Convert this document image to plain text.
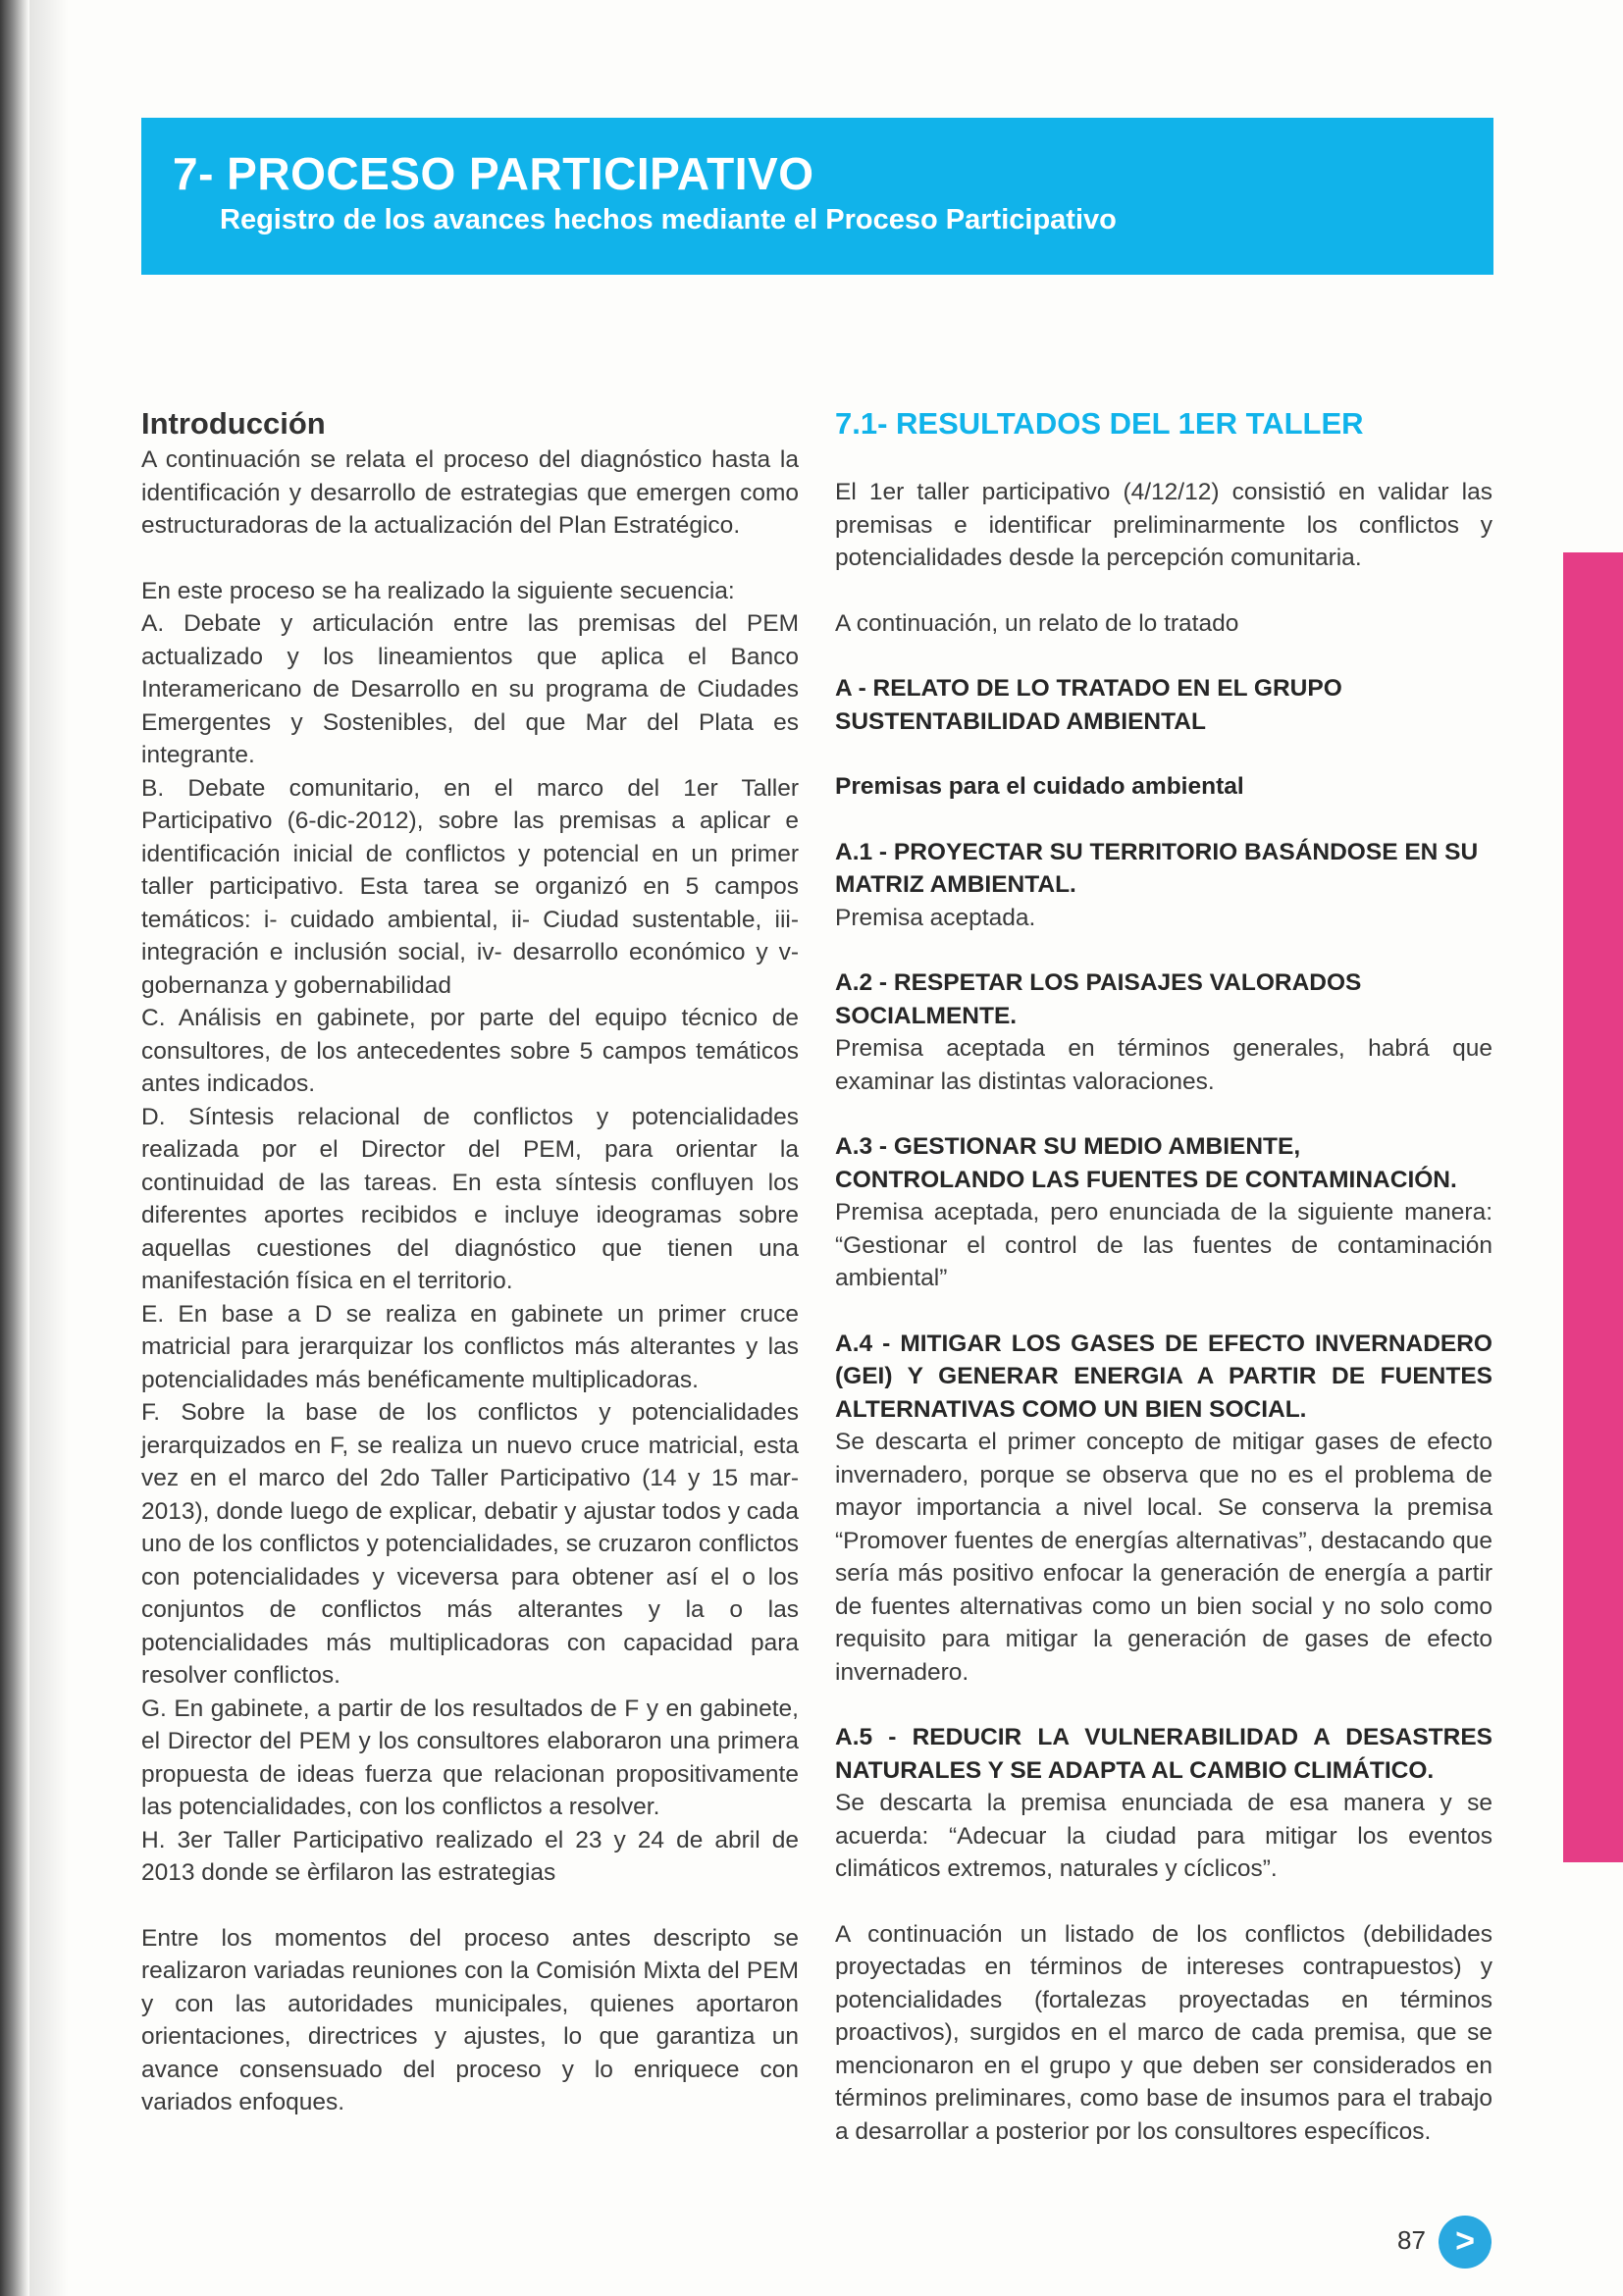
7- PROCESO PARTICIPATIVO
Registro de los avances hechos mediante el Proceso Participativo
Introducción

A continuación se relata el proceso del diagnóstico hasta la identificación y desarrollo de estrategias que emergen como estructuradoras de la actualización del Plan Estratégico.

En este proceso se ha realizado la siguiente secuencia:

A. Debate y articulación entre las premisas del PEM actualizado y los lineamientos que aplica el Banco Interamericano de Desarrollo en su programa de Ciudades Emergentes y Sostenibles, del que Mar del Plata es integrante.

B. Debate comunitario, en el marco del 1er Taller Participativo (6-dic-2012), sobre las premisas a aplicar e identificación inicial de conflictos y potencial en un primer taller participativo. Esta tarea se organizó en 5 campos temáticos: i- cuidado ambiental, ii- Ciudad sustentable, iii-integración e inclusión social, iv- desarrollo económico y v-gobernanza y gobernabilidad

C. Análisis en gabinete, por parte del equipo técnico de consultores, de los antecedentes sobre 5 campos temáticos antes indicados.

D. Síntesis relacional de conflictos y potencialidades realizada por el Director del PEM, para orientar la continuidad de las tareas. En esta síntesis confluyen los diferentes aportes recibidos e incluye ideogramas sobre aquellas cuestiones del diagnóstico que tienen una manifestación física en el territorio.

E. En base a D se realiza en gabinete un primer cruce matricial para jerarquizar los conflictos más alterantes y las potencialidades más benéficamente multiplicadoras.

F. Sobre la base de los conflictos y potencialidades jerarquizados en F, se realiza un nuevo cruce matricial, esta vez en el marco del 2do Taller Participativo (14 y 15 mar-2013), donde luego de explicar, debatir y ajustar todos y cada uno de los conflictos y potencialidades, se cruzaron conflictos con potencialidades y viceversa para obtener así el o los conjuntos de conflictos más alterantes y la o las potencialidades más multiplicadoras con capacidad para resolver conflictos.

G. En gabinete, a partir de los resultados de F y en gabinete, el Director del PEM y los consultores elaboraron una primera propuesta de ideas fuerza que relacionan propositivamente las potencialidades, con los conflictos a resolver.

H. 3er Taller Participativo realizado el 23 y 24 de abril de 2013 donde se èrfilaron las estrategias

Entre los momentos del proceso antes descripto se realizaron variadas reuniones con la Comisión Mixta del PEM y con las autoridades municipales, quienes aportaron orientaciones, directrices y ajustes, lo que garantiza un avance consensuado del proceso y lo enriquece con variados enfoques.

7.1- RESULTADOS DEL 1ER TALLER

El 1er taller participativo (4/12/12) consistió en validar las premisas e identificar preliminarmente los conflictos y potencialidades desde la percepción comunitaria.

A continuación, un relato de lo tratado

A - RELATO DE LO TRATADO EN EL GRUPO SUSTENTABILIDAD AMBIENTAL

Premisas para el cuidado ambiental

A.1 - PROYECTAR SU TERRITORIO BASÁNDOSE EN SU MATRIZ AMBIENTAL.

Premisa aceptada.

A.2 - RESPETAR LOS PAISAJES VALORADOS SOCIALMENTE.

Premisa aceptada en términos generales, habrá que examinar las distintas valoraciones.

A.3 - GESTIONAR SU MEDIO AMBIENTE, CONTROLANDO LAS FUENTES DE CONTAMINACIÓN.

Premisa aceptada, pero enunciada de la siguiente manera: “Gestionar el control de las fuentes de contaminación ambiental”

A.4 - MITIGAR LOS GASES DE EFECTO INVERNADERO (GEI) Y GENERAR ENERGIA A PARTIR DE FUENTES ALTERNATIVAS COMO UN BIEN SOCIAL.

Se descarta el primer concepto de mitigar gases de efecto invernadero, porque se observa que no es el problema de mayor importancia a nivel local. Se conserva la premisa “Promover fuentes de energías alternativas”, destacando que sería más positivo enfocar la generación de energía a partir de fuentes alternativas como un bien social y no solo como requisito para mitigar la generación de gases de efecto invernadero.

A.5 - REDUCIR LA VULNERABILIDAD A DESASTRES NATURALES Y SE ADAPTA AL CAMBIO CLIMÁTICO.

Se descarta la premisa enunciada de esa manera y se acuerda: “Adecuar la ciudad para mitigar los eventos climáticos extremos, naturales y cíclicos”.

A continuación un listado de los conflictos (debilidades proyectadas en términos de intereses contrapuestos) y potencialidades (fortalezas proyectadas en términos proactivos), surgidos en el marco de cada premisa, que se mencionaron en el grupo y que deben ser considerados en términos preliminares, como base de insumos para el trabajo a desarrollar a posterior por los consultores específicos.

87 >
